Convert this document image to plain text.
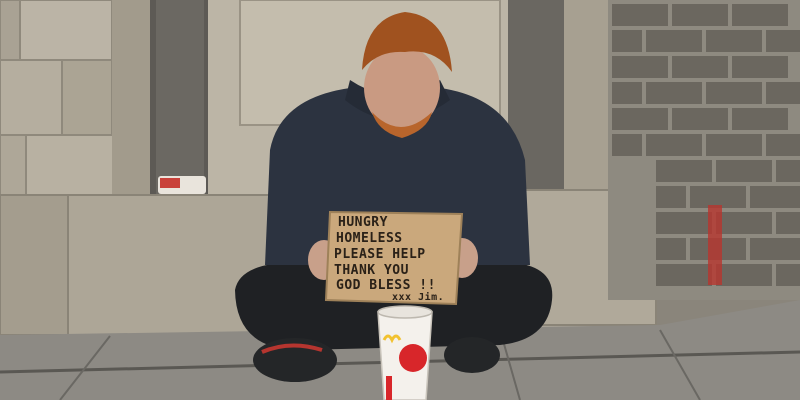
HUNGRY
HOMELESS
PLEASE HELP
THANK YOU
GOD BLESS !!
xxx Jim.
